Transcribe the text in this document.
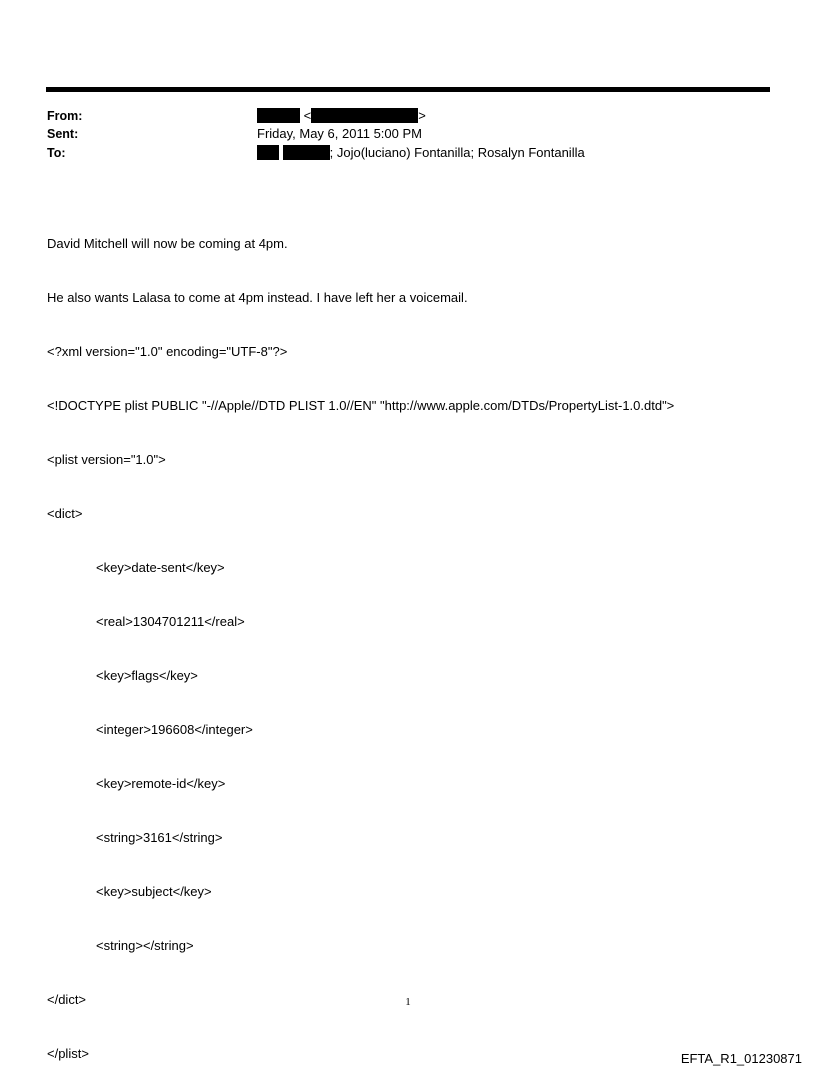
From:	<	>
Sent:	Friday, May 6, 2011 5:00 PM
To:	; Jojo(luciano) Fontanilla; Rosalyn Fontanilla

David Mitchell will now be coming at 4pm.

He also wants Lalasa to come at 4pm instead. I have left her a voicemail.

<?xml version="1.0" encoding="UTF-8"?>

<!DOCTYPE plist PUBLIC "-//Apple//DTD PLIST 1.0//EN" "http://www.apple.com/DTDs/PropertyList-1.0.dtd">

<plist version="1.0">

<dict>

<key>date-sent</key>

<real>1304701211</real>

<key>flags</key>

<integer>196608</integer>

<key>remote-id</key>

<string>3161</string>

<key>subject</key>

<string></string>

</dict>

</plist>

1
EFTA_R1_01230871
